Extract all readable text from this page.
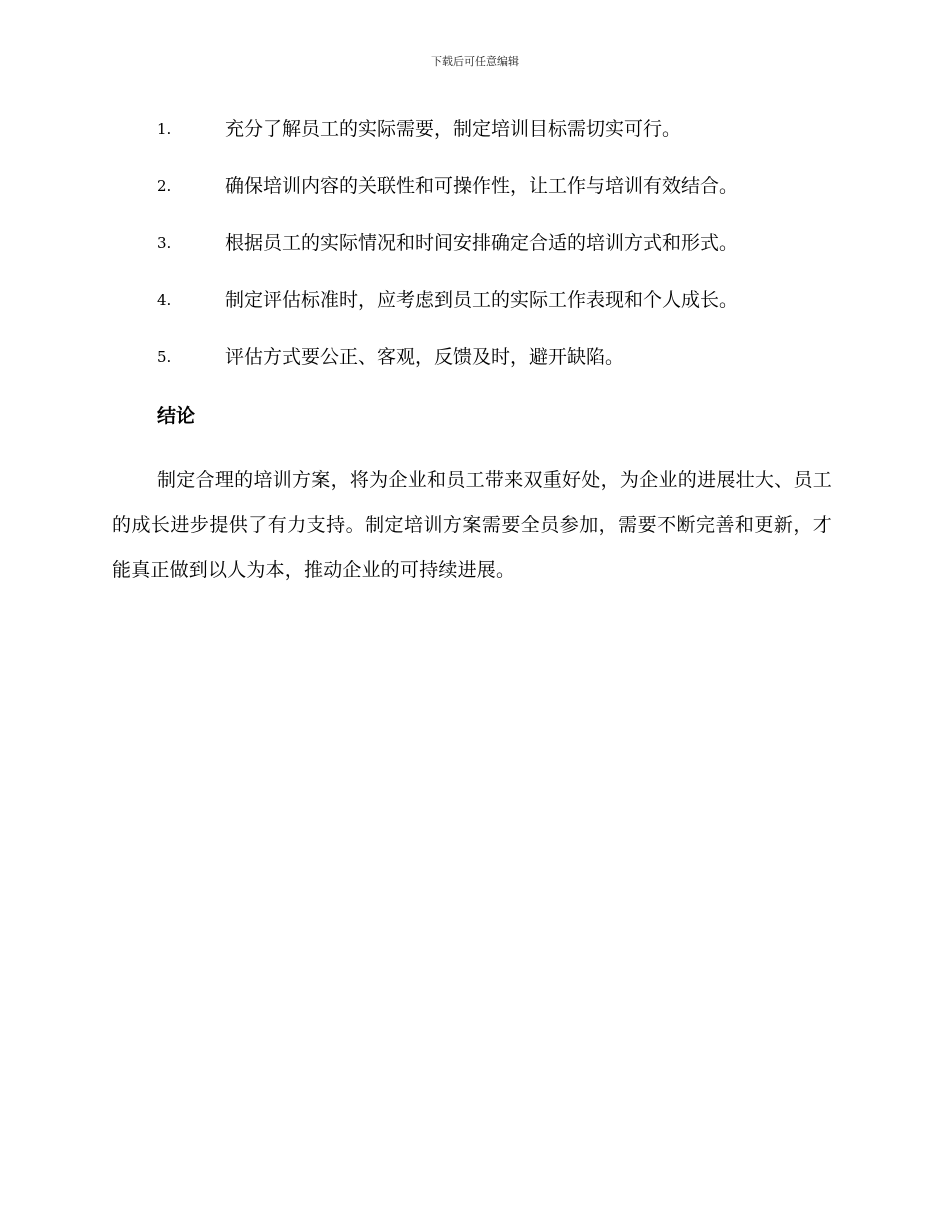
下载后可任意编辑
1.	充分了解员工的实际需要，制定培训目标需切实可行。
2.	确保培训内容的关联性和可操作性，让工作与培训有效结合。
3.	根据员工的实际情况和时间安排确定合适的培训方式和形式。
4.	制定评估标准时，应考虑到员工的实际工作表现和个人成长。
5.	评估方式要公正、客观，反馈及时，避开缺陷。
结论
制定合理的培训方案，将为企业和员工带来双重好处，为企业的进展壮大、员工的成长进步提供了有力支持。制定培训方案需要全员参加，需要不断完善和更新，才能真正做到以人为本，推动企业的可持续进展。
